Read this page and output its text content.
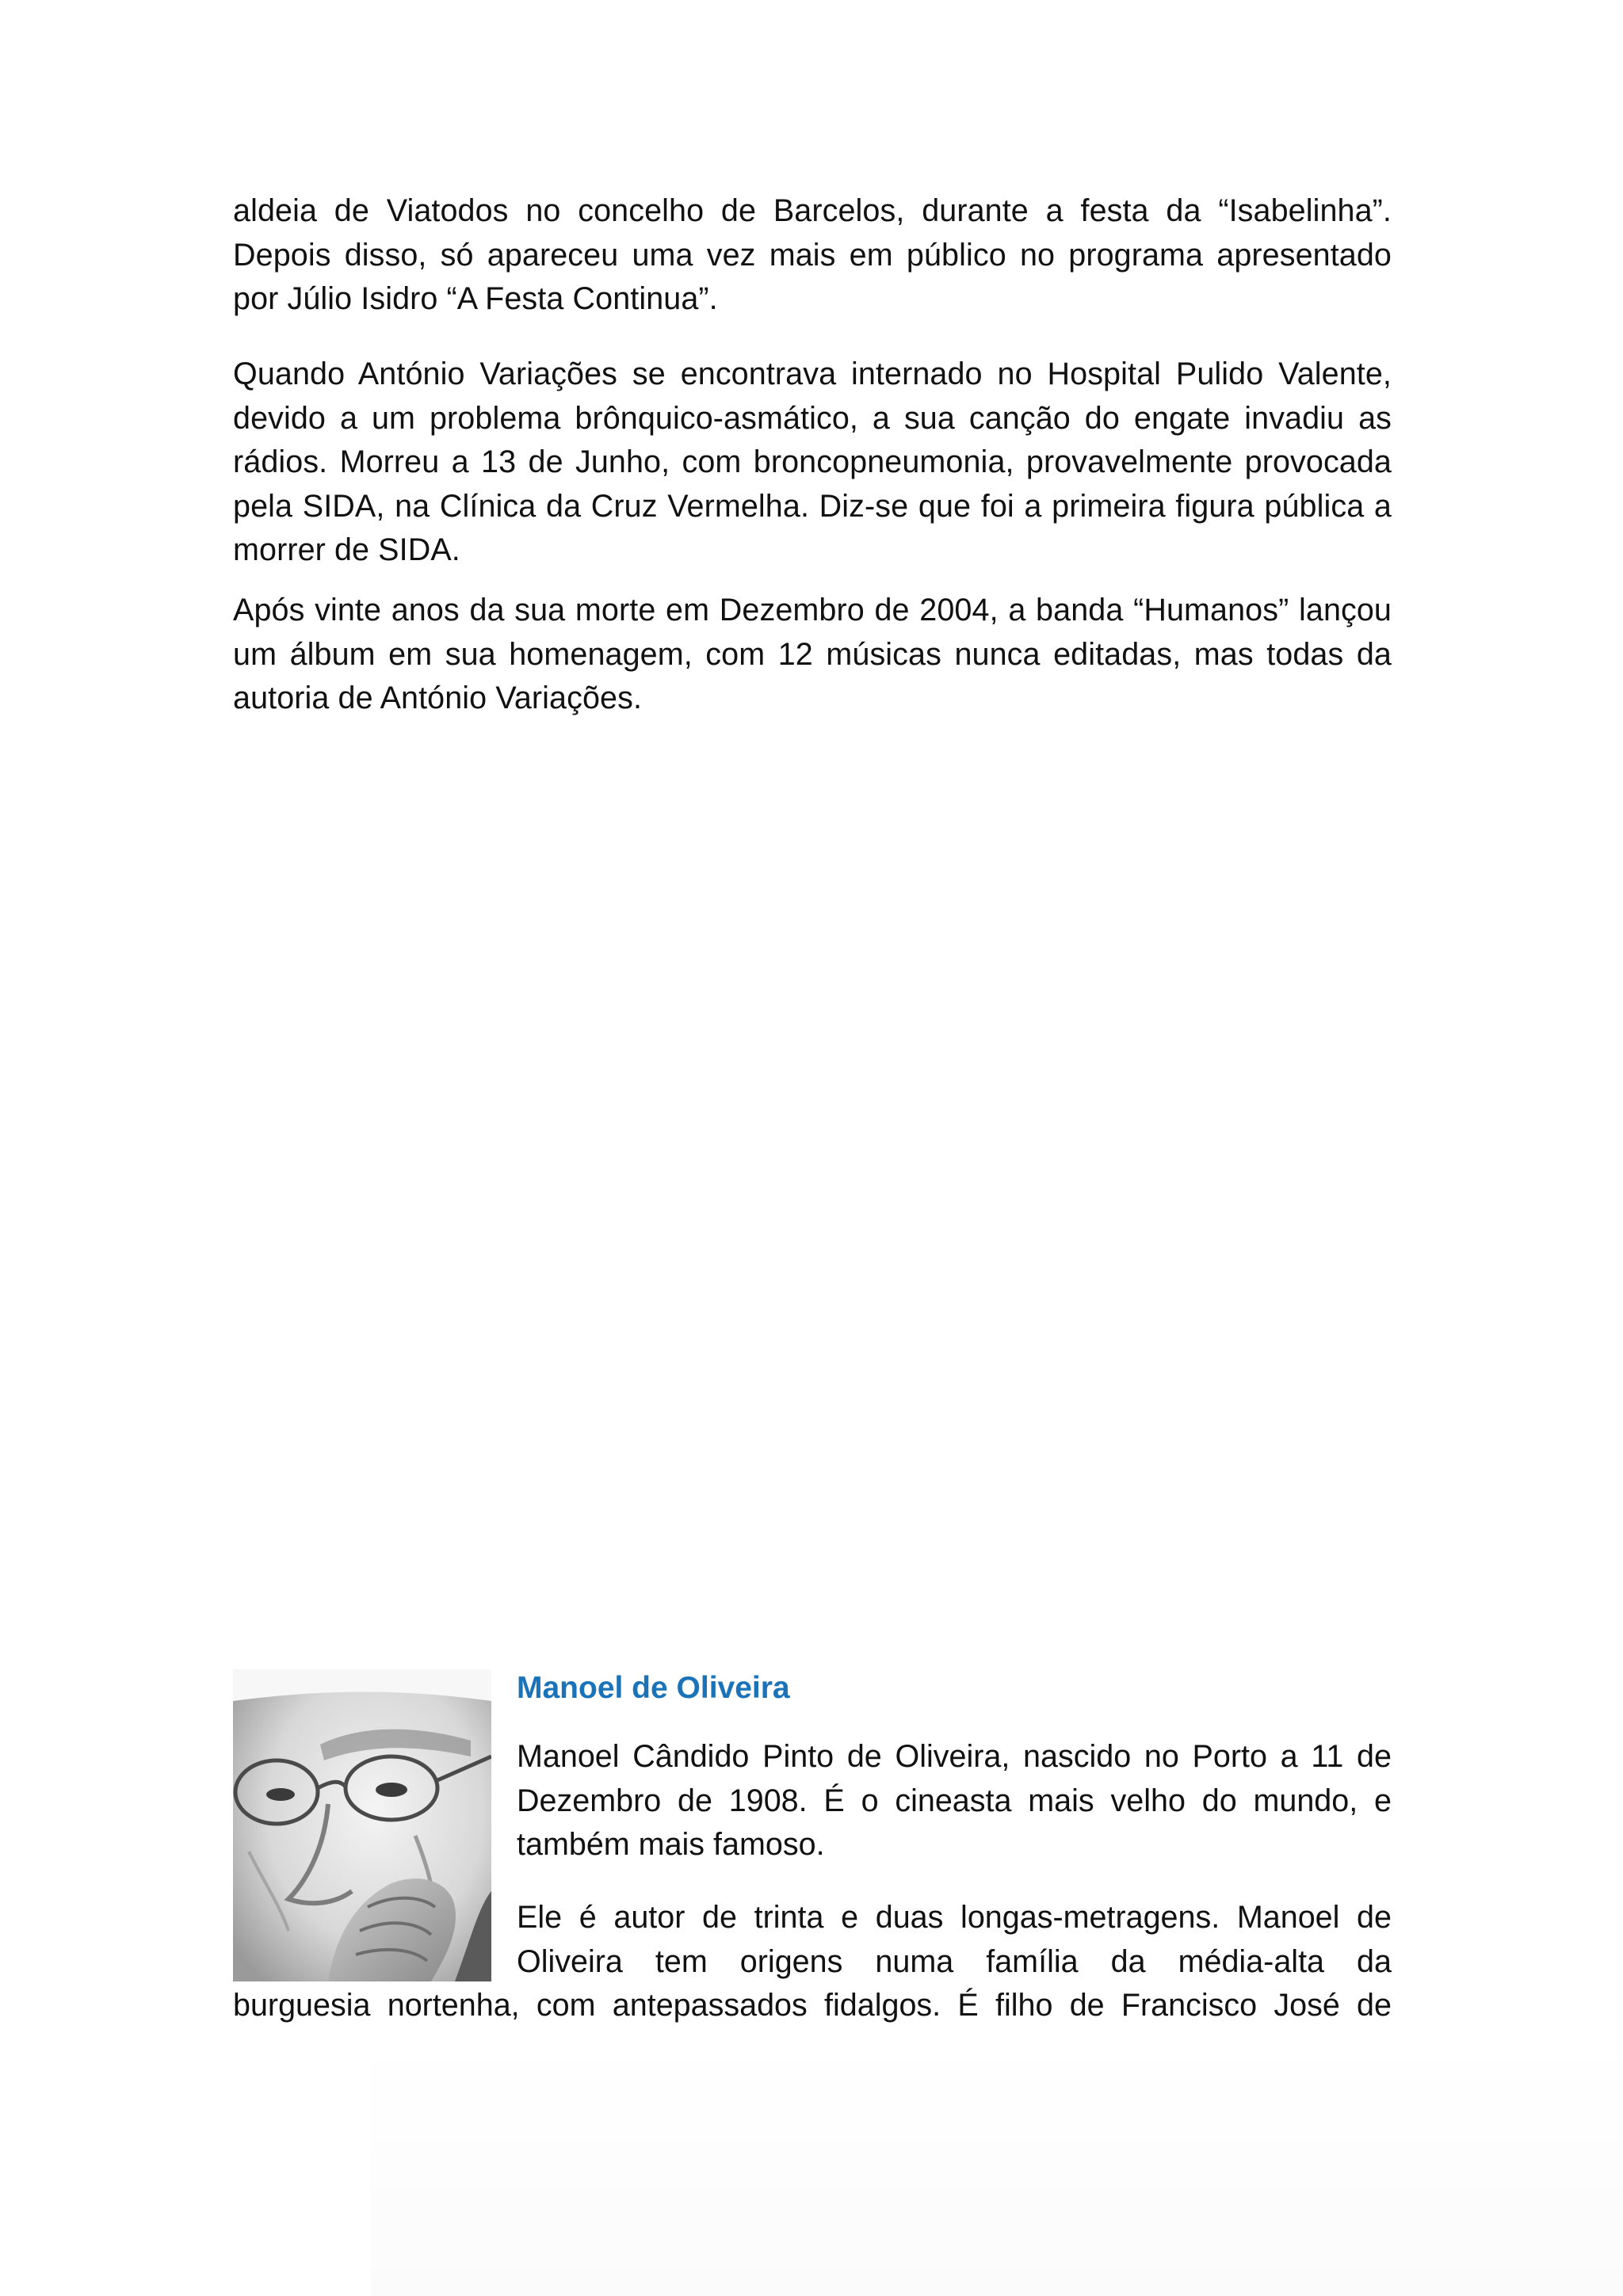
aldeia de Viatodos no concelho de Barcelos, durante a festa da “Isabelinha”. Depois disso, só apareceu uma vez mais em público no programa apresentado por Júlio Isidro “A Festa Continua”.

Quando António Variações se encontrava internado no Hospital Pulido Valente, devido a um problema brônquico-asmático, a sua canção do engate invadiu as rádios. Morreu a 13 de Junho, com broncopneumonia, provavelmente provocada pela SIDA, na Clínica da Cruz Vermelha. Diz-se que foi a primeira figura pública a morrer de SIDA.

Após vinte anos da sua morte em Dezembro de 2004, a banda “Humanos” lançou um álbum em sua homenagem, com 12 músicas nunca editadas, mas todas da autoria de António Variações.

Manoel de Oliveira

Manoel Cândido Pinto de Oliveira, nascido no Porto a 11 de Dezembro de 1908. É o cineasta mais velho do mundo, e também mais famoso.

Ele é autor de trinta e duas longas-metragens. Manoel de Oliveira tem origens numa família da média-alta da

burguesia nortenha, com antepassados fidalgos. É filho de Francisco José de
